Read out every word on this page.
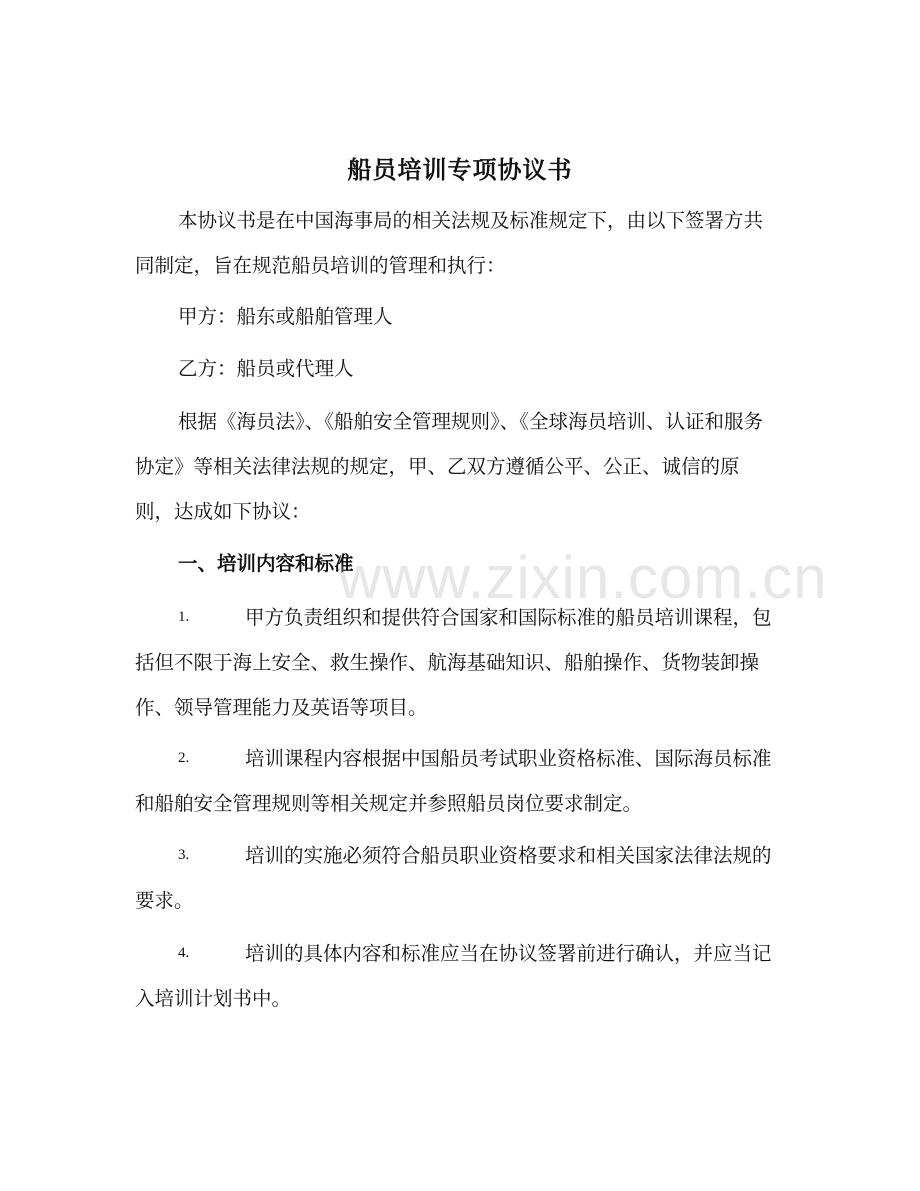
船员培训专项协议书

本协议书是在中国海事局的相关法规及标准规定下，由以下签署方共同制定，旨在规范船员培训的管理和执行：

甲方：船东或船舶管理人
乙方：船员或代理人

根据《海员法》、《船舶安全管理规则》、《全球海员培训、认证和服务协定》等相关法律法规的规定，甲、乙双方遵循公平、公正、诚信的原则，达成如下协议：

一、培训内容和标准
1.	甲方负责组织和提供符合国家和国际标准的船员培训课程，包括但不限于海上安全、救生操作、航海基础知识、船舶操作、货物装卸操作、领导管理能力及英语等项目。

2.	培训课程内容根据中国船员考试职业资格标准、国际海员标准和船舶安全管理规则等相关规定并参照船员岗位要求制定。

3.	培训的实施必须符合船员职业资格要求和相关国家法律法规的要求。

4.	培训的具体内容和标准应当在协议签署前进行确认，并应当记入培训计划书中。

www.zixin.com.cn
